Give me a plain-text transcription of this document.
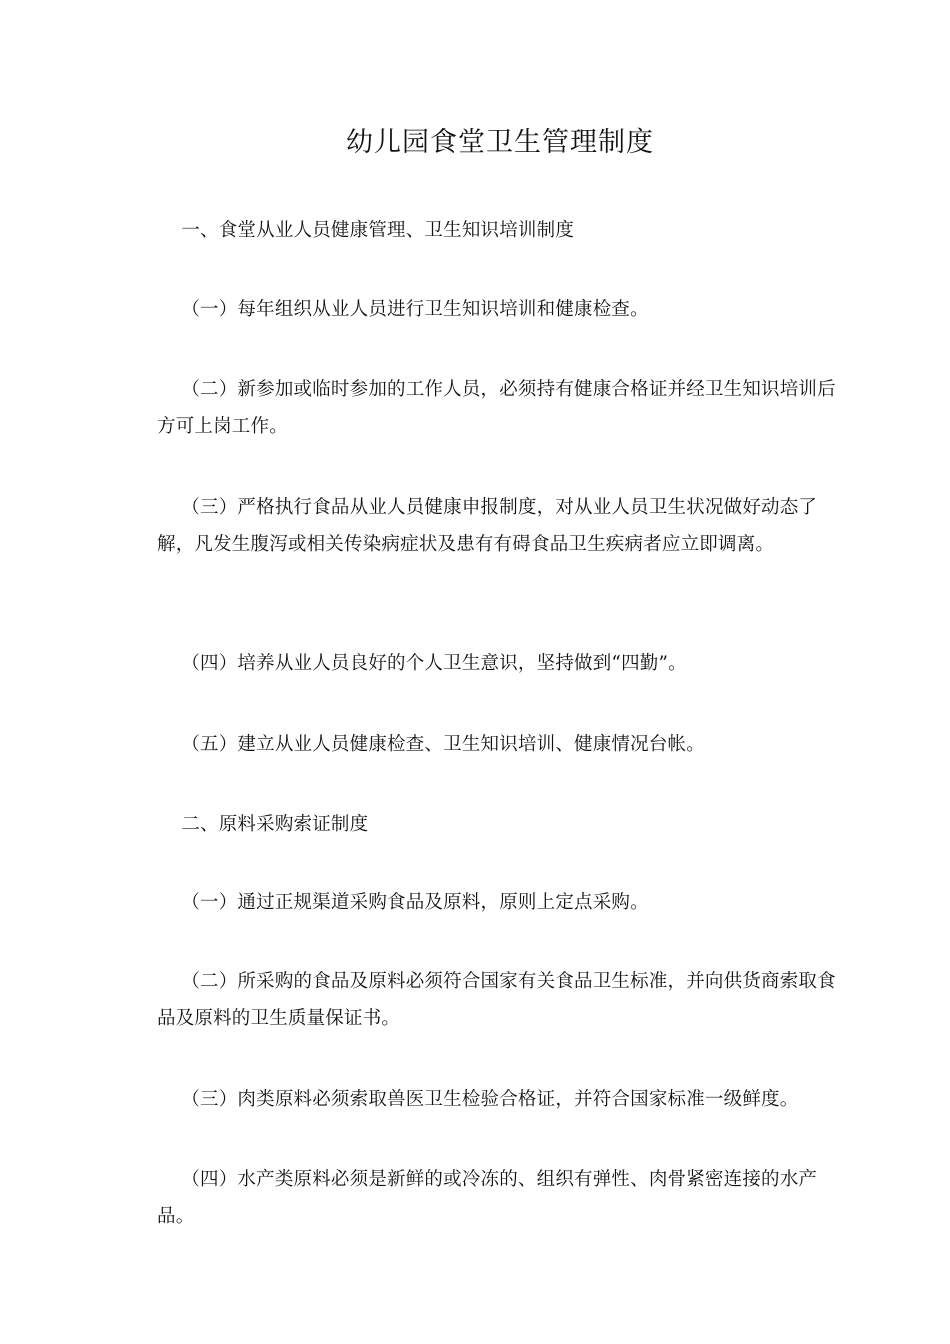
幼儿园食堂卫生管理制度

一、食堂从业人员健康管理、卫生知识培训制度

（一）每年组织从业人员进行卫生知识培训和健康检查。

（二）新参加或临时参加的工作人员，必须持有健康合格证并经卫生知识培训后方可上岗工作。

（三）严格执行食品从业人员健康申报制度，对从业人员卫生状况做好动态了解，凡发生腹泻或相关传染病症状及患有有碍食品卫生疾病者应立即调离。

（四）培养从业人员良好的个人卫生意识，坚持做到“四勤”。

（五）建立从业人员健康检查、卫生知识培训、健康情况台帐。

二、原料采购索证制度

（一）通过正规渠道采购食品及原料，原则上定点采购。

（二）所采购的食品及原料必须符合国家有关食品卫生标准，并向供货商索取食品及原料的卫生质量保证书。

（三）肉类原料必须索取兽医卫生检验合格证，并符合国家标准一级鲜度。

（四）水产类原料必须是新鲜的或冷冻的、组织有弹性、肉骨紧密连接的水产品。
